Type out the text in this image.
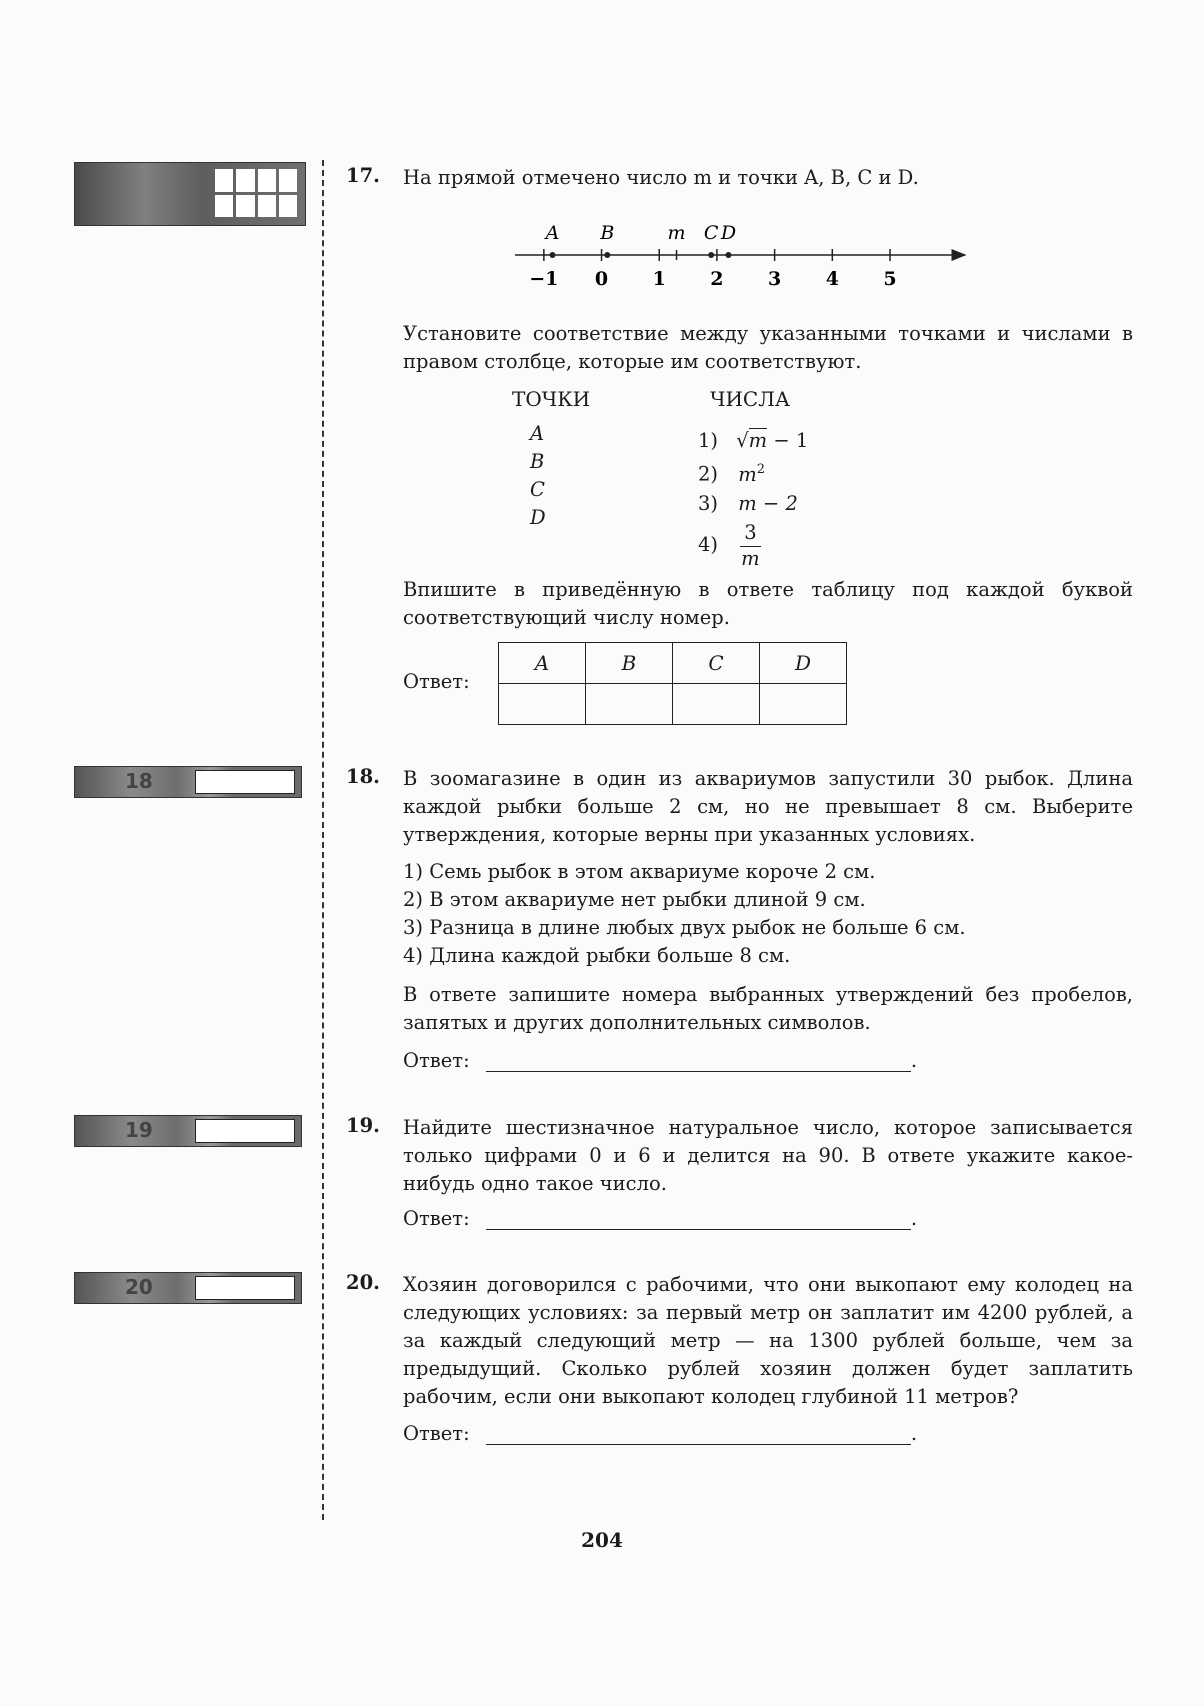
18
19
20
17. На прямой отмечено число m и точки A, B, C и D.

−1 0 1 2 3 4 5
A B	m C D

Установите соответствие между указанными точками и числами в правом столбце, которые им соответствуют.

ТОЧКИ	ЧИСЛА
A
B
C
D
1) √m − 1
2) $m^2$
3) m − 2
$4) \frac{3}{m}$

Впишите в приведённую в ответе таблицу под каждой буквой соответствующий числу номер.

Ответ:
A	B	C	D

18. В зоомагазине в один из аквариумов запустили 30 рыбок. Длина каждой рыбки больше 2 см, но не превышает 8 см. Выберите утверждения, которые верны при указанных условиях.

1) Семь рыбок в этом аквариуме короче 2 см.
2) В этом аквариуме нет рыбки длиной 9 см.
3) Разница в длине любых двух рыбок не больше 6 см.
4) Длина каждой рыбки больше 8 см.

В ответе запишите номера выбранных утверждений без пробелов, запятых и других дополнительных символов.

Ответ:	.
19. Найдите шестизначное натуральное число, которое записывается только цифрами 0 и 6 и делится на 90. В ответе укажите какое-нибудь одно такое число.

Ответ:	.
20. Хозяин договорился с рабочими, что они выкопают ему колодец на следующих условиях: за первый метр он заплатит им 4200 рублей, а за каждый следующий метр — на 1300 рублей больше, чем за предыдущий. Сколько рублей хозяин должен будет заплатить рабочим, если они выкопают колодец глубиной 11 метров?

Ответ:	.
204
